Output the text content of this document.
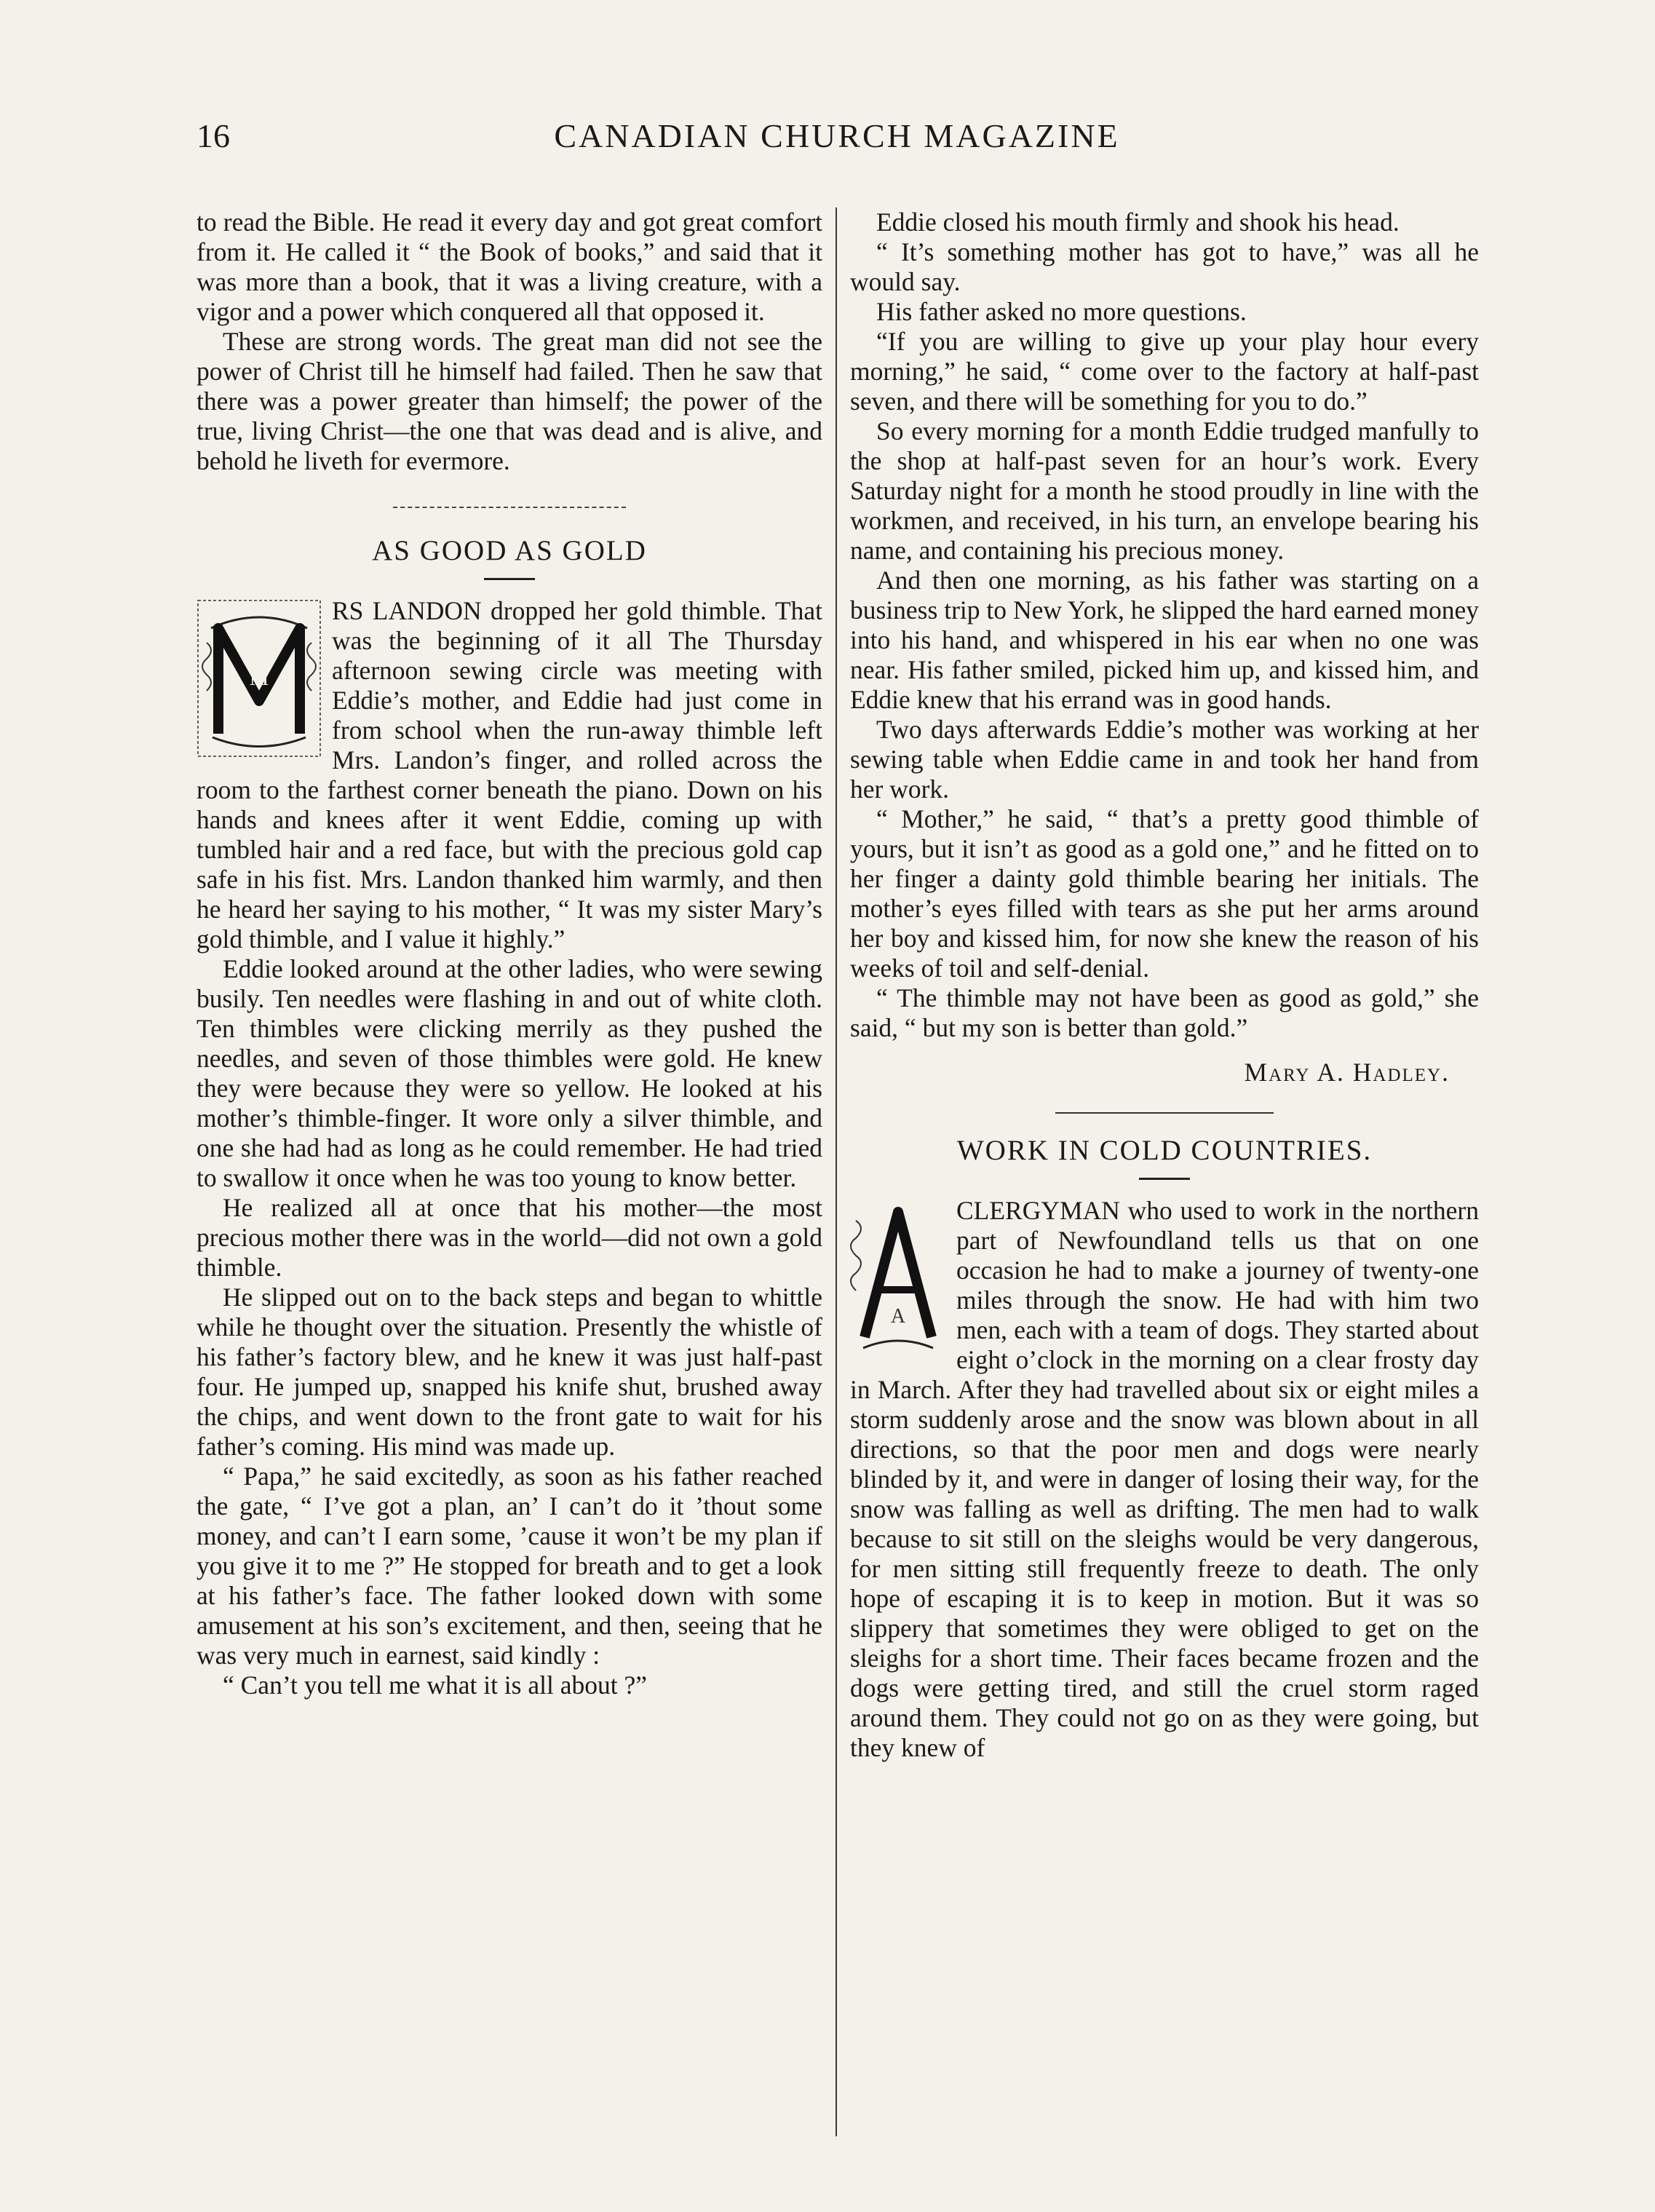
16	CANADIAN CHURCH MAGAZINE

to read the Bible. He read it every day and got great comfort from it. He called it “ the Book of books,” and said that it was more than a book, that it was a living creature, with a vigor and a power which conquered all that opposed it.

These are strong words. The great man did not see the power of Christ till he himself had failed. Then he saw that there was a power greater than himself; the power of the true, living Christ—the one that was dead and is alive, and behold he liveth for evermore.

AS GOOD AS GOLD
M

RS LANDON dropped her gold thimble. That was the beginning of it all The Thursday afternoon sewing circle was meeting with Eddie’s mother, and Eddie had just come in from school when the run-away thimble left Mrs. Landon’s finger, and rolled across the room to the farthest corner beneath the piano. Down on his hands and knees after it went Eddie, coming up with tumbled hair and a red face, but with the precious gold cap safe in his fist. Mrs. Landon thanked him warmly, and then he heard her saying to his mother, “ It was my sister Mary’s gold thimble, and I value it highly.”

Eddie looked around at the other ladies, who were sewing busily. Ten needles were flashing in and out of white cloth. Ten thimbles were clicking merrily as they pushed the needles, and seven of those thimbles were gold. He knew they were because they were so yellow. He looked at his mother’s thimble-finger. It wore only a silver thimble, and one she had had as long as he could remember. He had tried to swallow it once when he was too young to know better.

He realized all at once that his mother—the most precious mother there was in the world—did not own a gold thimble.

He slipped out on to the back steps and began to whittle while he thought over the situation. Presently the whistle of his father’s factory blew, and he knew it was just half-past four. He jumped up, snapped his knife shut, brushed away the chips, and went down to the front gate to wait for his father’s coming. His mind was made up.

“ Papa,” he said excitedly, as soon as his father reached the gate, “ I’ve got a plan, an’ I can’t do it ’thout some money, and can’t I earn some, ’cause it won’t be my plan if you give it to me ?” He stopped for breath and to get a look at his father’s face. The father looked down with some amusement at his son’s excitement, and then, seeing that he was very much in earnest, said kindly :

“ Can’t you tell me what it is all about ?”

Eddie closed his mouth firmly and shook his head.

“ It’s something mother has got to have,” was all he would say.

His father asked no more questions.

“If you are willing to give up your play hour every morning,” he said, “ come over to the factory at half-past seven, and there will be something for you to do.”

So every morning for a month Eddie trudged manfully to the shop at half-past seven for an hour’s work. Every Saturday night for a month he stood proudly in line with the workmen, and received, in his turn, an envelope bearing his name, and containing his precious money.

And then one morning, as his father was starting on a business trip to New York, he slipped the hard earned money into his hand, and whispered in his ear when no one was near. His father smiled, picked him up, and kissed him, and Eddie knew that his errand was in good hands.

Two days afterwards Eddie’s mother was working at her sewing table when Eddie came in and took her hand from her work.

“ Mother,” he said, “ that’s a pretty good thimble of yours, but it isn’t as good as a gold one,” and he fitted on to her finger a dainty gold thimble bearing her initials. The mother’s eyes filled with tears as she put her arms around her boy and kissed him, for now she knew the reason of his weeks of toil and self-denial.

“ The thimble may not have been as good as gold,” she said, “ but my son is better than gold.”

Mary A. Hadley.
WORK IN COLD COUNTRIES.
A

CLERGYMAN who used to work in the northern part of Newfoundland tells us that on one occasion he had to make a journey of twenty-one miles through the snow. He had with him two men, each with a team of dogs. They started about eight o’clock in the morning on a clear frosty day in March. After they had travelled about six or eight miles a storm suddenly arose and the snow was blown about in all directions, so that the poor men and dogs were nearly blinded by it, and were in danger of losing their way, for the snow was falling as well as drifting. The men had to walk because to sit still on the sleighs would be very dangerous, for men sitting still frequently freeze to death. The only hope of escaping it is to keep in motion. But it was so slippery that sometimes they were obliged to get on the sleighs for a short time. Their faces became frozen and the dogs were getting tired, and still the cruel storm raged around them. They could not go on as they were going, but they knew of
